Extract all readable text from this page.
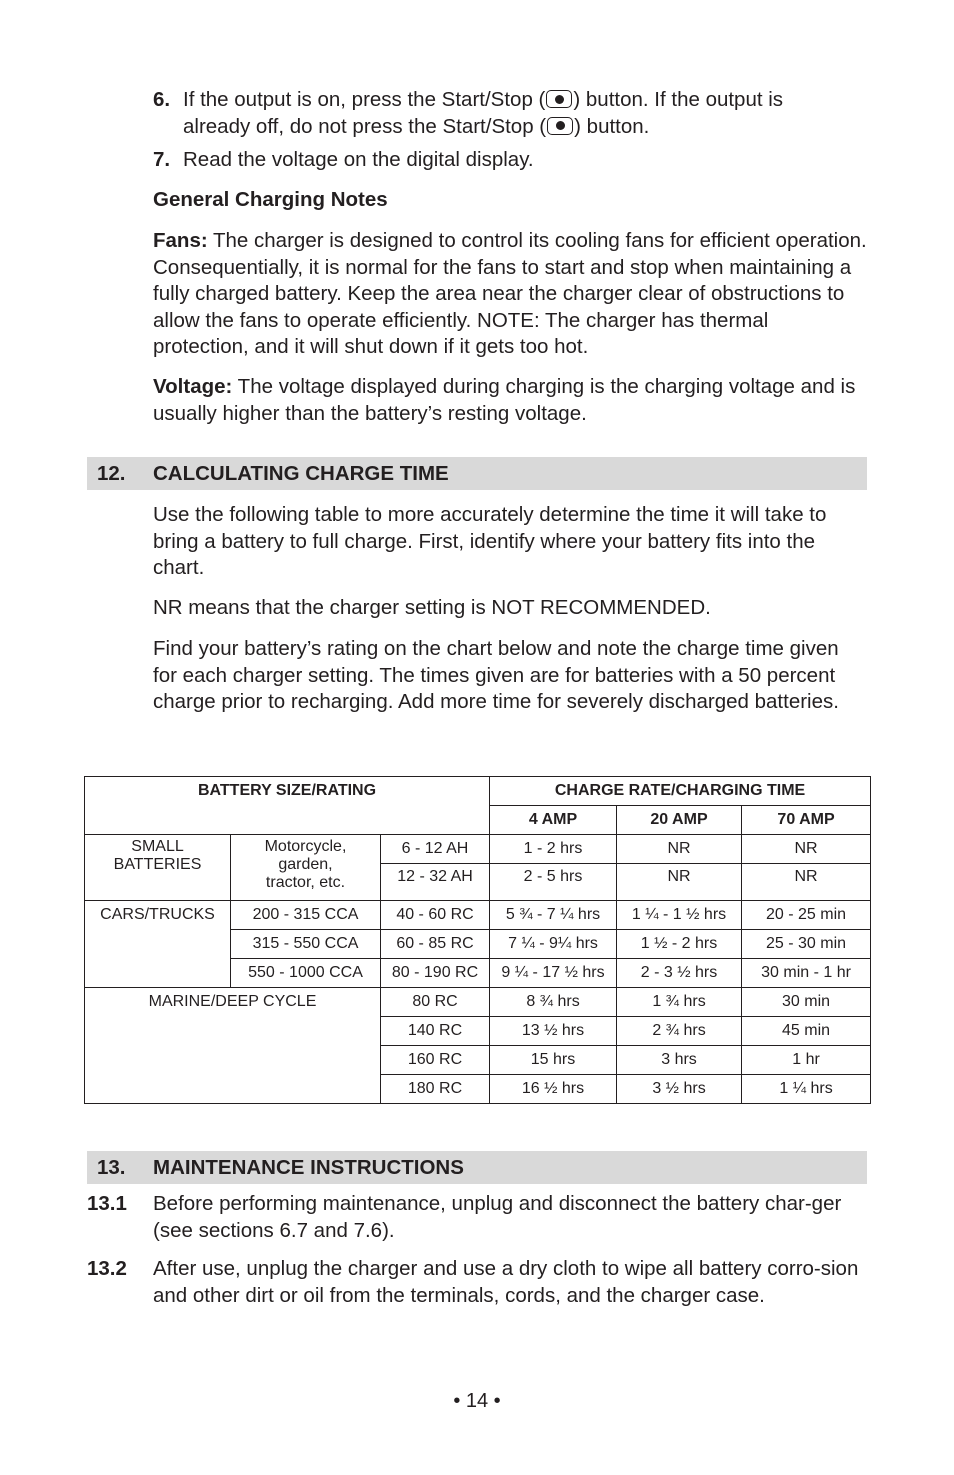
6. If the output is on, press the Start/Stop ( ) button. If the output is
already off, do not press the Start/Stop ( ) button.
7. Read the voltage on the digital display.
General Charging Notes
Fans: The charger is designed to control its cooling fans for efficient operation. Consequentially, it is normal for the fans to start and stop when maintaining a fully charged battery. Keep the area near the charger clear of obstructions to allow the fans to operate efficiently. NOTE: The charger has thermal protection, and it will shut down if it gets too hot.
Voltage: The voltage displayed during charging is the charging voltage and is usually higher than the battery’s resting voltage.
12. CALCULATING CHARGE TIME
Use the following table to more accurately determine the time it will take to bring a battery to full charge. First, identify where your battery fits into the chart.
NR means that the charger setting is NOT RECOMMENDED.
Find your battery’s rating on the chart below and note the charge time given for each charger setting. The times given are for batteries with a 50 percent charge prior to recharging. Add more time for severely discharged batteries.
BATTERY SIZE/RATING			CHARGE RATE/CHARGING TIME		
			4 AMP	20 AMP	70 AMP
SMALL BATTERIES	Motorcycle, garden, tractor, etc.	6 - 12 AH	1 - 2 hrs	NR	NR
		12 - 32 AH	2 - 5 hrs	NR	NR
CARS/TRUCKS	200 - 315 CCA	40 - 60 RC	5 ¾ - 7 ¼ hrs	1 ¼ - 1 ½ hrs	20 - 25 min
	315 - 550 CCA	60 - 85 RC	7 ¼ - 9¼ hrs	1 ½ - 2 hrs	25 - 30 min
	550 - 1000 CCA	80 - 190 RC	9 ¼ - 17 ½ hrs	2 - 3 ½ hrs	30 min - 1 hr
MARINE/DEEP CYCLE		80 RC	8 ¾ hrs	1 ¾ hrs	30 min
		140 RC	13 ½ hrs	2 ¾ hrs	45 min
		160 RC	15 hrs	3 hrs	1 hr
		180 RC	16 ½ hrs	3 ½ hrs	1 ¼ hrs
13. MAINTENANCE INSTRUCTIONS
13.1 Before performing maintenance, unplug and disconnect the battery char-ger (see sections 6.7 and 7.6).
13.2 After use, unplug the charger and use a dry cloth to wipe all battery corro-sion and other dirt or oil from the terminals, cords, and the charger case.
• 14 •
